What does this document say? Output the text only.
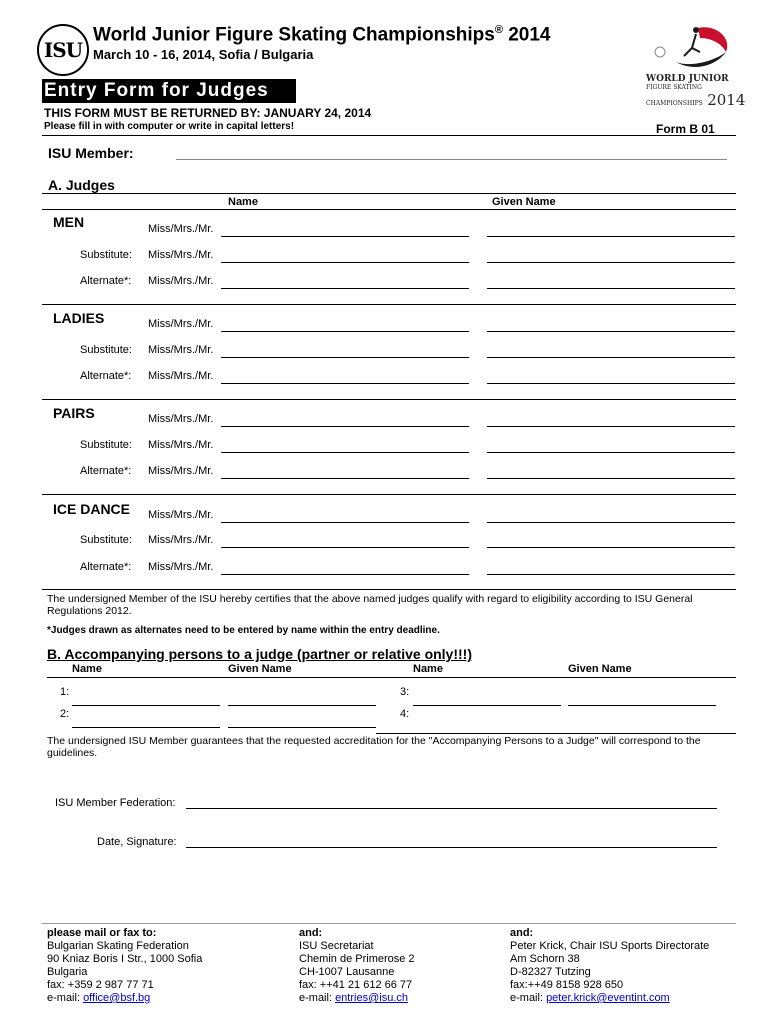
ISU
World Junior Figure Skating Championships® 2014
March 10 - 16, 2014, Sofia / Bulgaria
WORLD JUNIOR
FIGURE SKATING
CHAMPIONSHIPS 2014
Entry Form for Judges
THIS FORM MUST BE RETURNED BY: JANUARY 24, 2014
Please fill in with computer or write in capital letters!	Form B 01
ISU Member:
A. Judges
Name	Given Name
MEN	Miss/Mrs./Mr.
Substitute: Miss/Mrs./Mr.
Alternate*: Miss/Mrs./Mr.
LADIES	Miss/Mrs./Mr.
Substitute: Miss/Mrs./Mr.
Alternate*: Miss/Mrs./Mr.
PAIRS	Miss/Mrs./Mr.
Substitute: Miss/Mrs./Mr.
Alternate*: Miss/Mrs./Mr.
ICE DANCE Miss/Mrs./Mr.
Substitute: Miss/Mrs./Mr.
Alternate*: Miss/Mrs./Mr.
The undersigned Member of the ISU hereby certifies that the above named judges qualify with regard to eligibility according to ISU General Regulations 2012.
*Judges drawn as alternates need to be entered by name within the entry deadline.
B. Accompanying persons to a judge (partner or relative only!!!)
Name	Given Name	Name	Given Name
1:	3:
2:	4:
The undersigned ISU Member guarantees that the requested accreditation for the "Accompanying Persons to a Judge" will correspond to the guidelines.
ISU Member Federation:
Date, Signature:
please mail or fax to:
Bulgarian Skating Federation
90 Kniaz Boris I Str., 1000 Sofia
Bulgaria
fax: +359 2 987 77 71
e-mail: office@bsf.bg
and:
ISU Secretariat
Chemin de Primerose 2
CH-1007 Lausanne
fax: ++41 21 612 66 77
e-mail: entries@isu.ch
and:
Peter Krick, Chair ISU Sports Directorate
Am Schorn 38
D-82327 Tutzing
fax:++49 8158 928 650
e-mail: peter.krick@eventint.com
